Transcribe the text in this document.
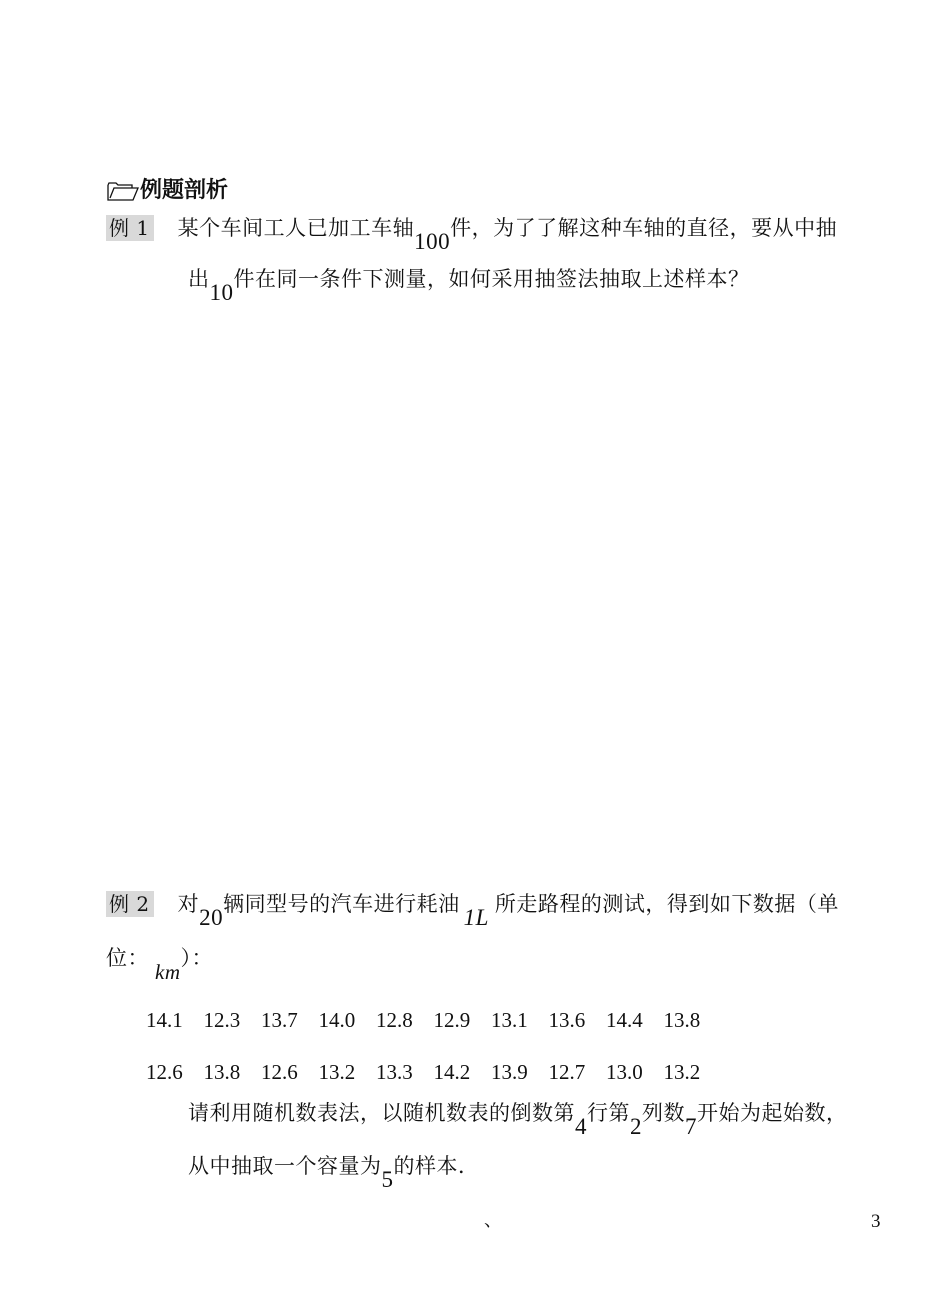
例题剖析
例 1 某个车间工人已加工车轴100件，为了了解这种车轴的直径，要从中抽
出10件在同一条件下测量，如何采用抽签法抽取上述样本？
例 2 对20辆同型号的汽车进行耗油1L所走路程的测试，得到如下数据（单
位：km）：
14.1 12.3 13.7 14.0 12.8 12.9 13.1 13.6 14.4 13.8
12.6 13.8 12.6 13.2 13.3 14.2 13.9 12.7 13.0 13.2
请利用随机数表法，以随机数表的倒数第4行第2列数7开始为起始数，
从中抽取一个容量为5的样本．
、	3
